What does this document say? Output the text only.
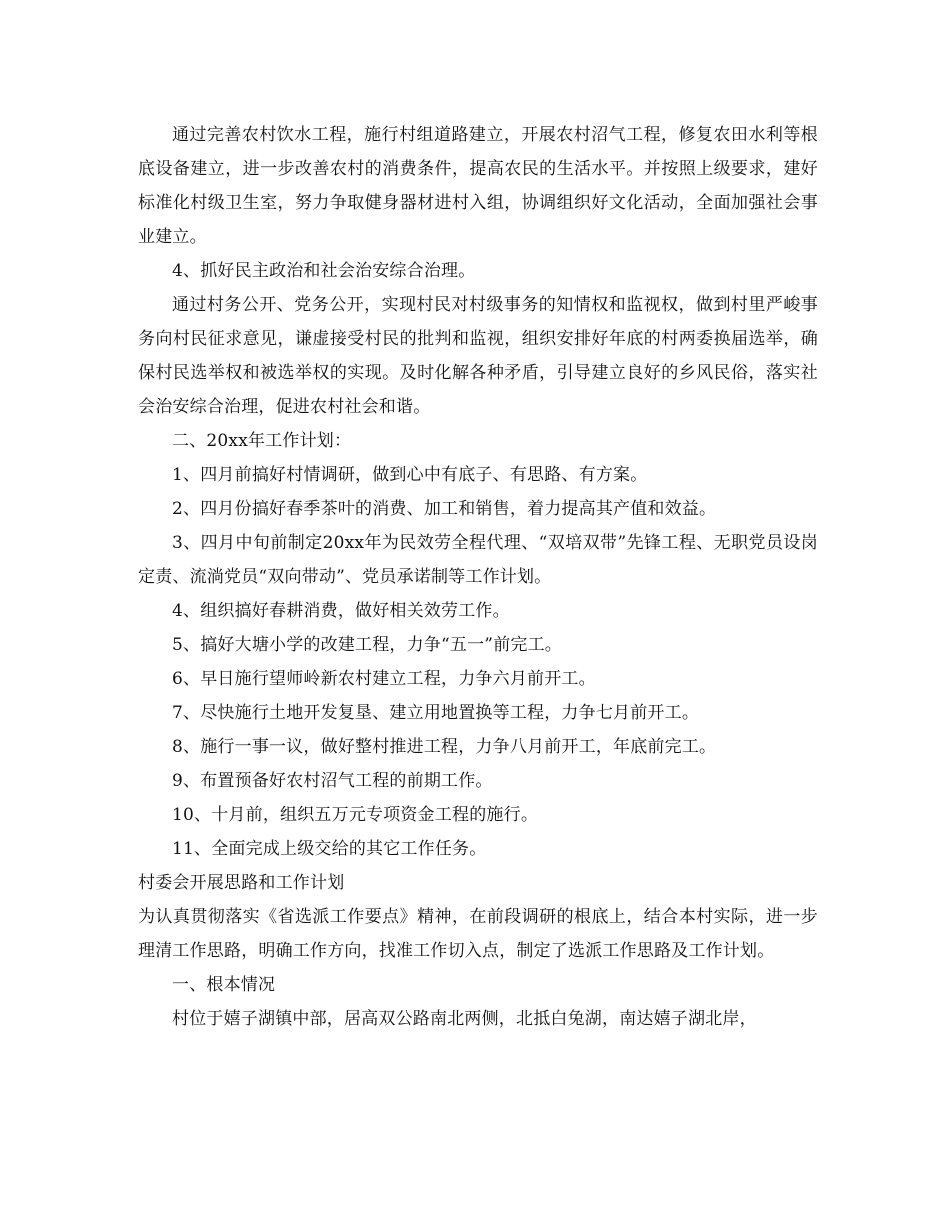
通过完善农村饮水工程，施行村组道路建立，开展农村沼气工程，修复农田水利等根底设备建立，进一步改善农村的消费条件，提高农民的生活水平。并按照上级要求，建好标准化村级卫生室，努力争取健身器材进村入组，协调组织好文化活动，全面加强社会事业建立。

4、抓好民主政治和社会治安综合治理。

通过村务公开、党务公开，实现村民对村级事务的知情权和监视权，做到村里严峻事务向村民征求意见，谦虚接受村民的批判和监视，组织安排好年底的村两委换届选举，确保村民选举权和被选举权的实现。及时化解各种矛盾，引导建立良好的乡风民俗，落实社会治安综合治理，促进农村社会和谐。

二、20xx年工作计划：

1、四月前搞好村情调研，做到心中有底子、有思路、有方案。

2、四月份搞好春季茶叶的消费、加工和销售，着力提高其产值和效益。

3、四月中旬前制定20xx年为民效劳全程代理、“双培双带”先锋工程、无职党员设岗定责、流淌党员“双向带动”、党员承诺制等工作计划。

4、组织搞好春耕消费，做好相关效劳工作。

5、搞好大塘小学的改建工程，力争“五一”前完工。

6、早日施行望师岭新农村建立工程，力争六月前开工。

7、尽快施行土地开发复垦、建立用地置换等工程，力争七月前开工。

8、施行一事一议，做好整村推进工程，力争八月前开工，年底前完工。

9、布置预备好农村沼气工程的前期工作。

10、十月前，组织五万元专项资金工程的施行。

11、全面完成上级交给的其它工作任务。

村委会开展思路和工作计划

为认真贯彻落实《省选派工作要点》精神，在前段调研的根底上，结合本村实际，进一步理清工作思路，明确工作方向，找准工作切入点，制定了选派工作思路及工作计划。

一、根本情况

村位于嬉子湖镇中部，居高双公路南北两侧，北抵白兔湖，南达嬉子湖北岸，
